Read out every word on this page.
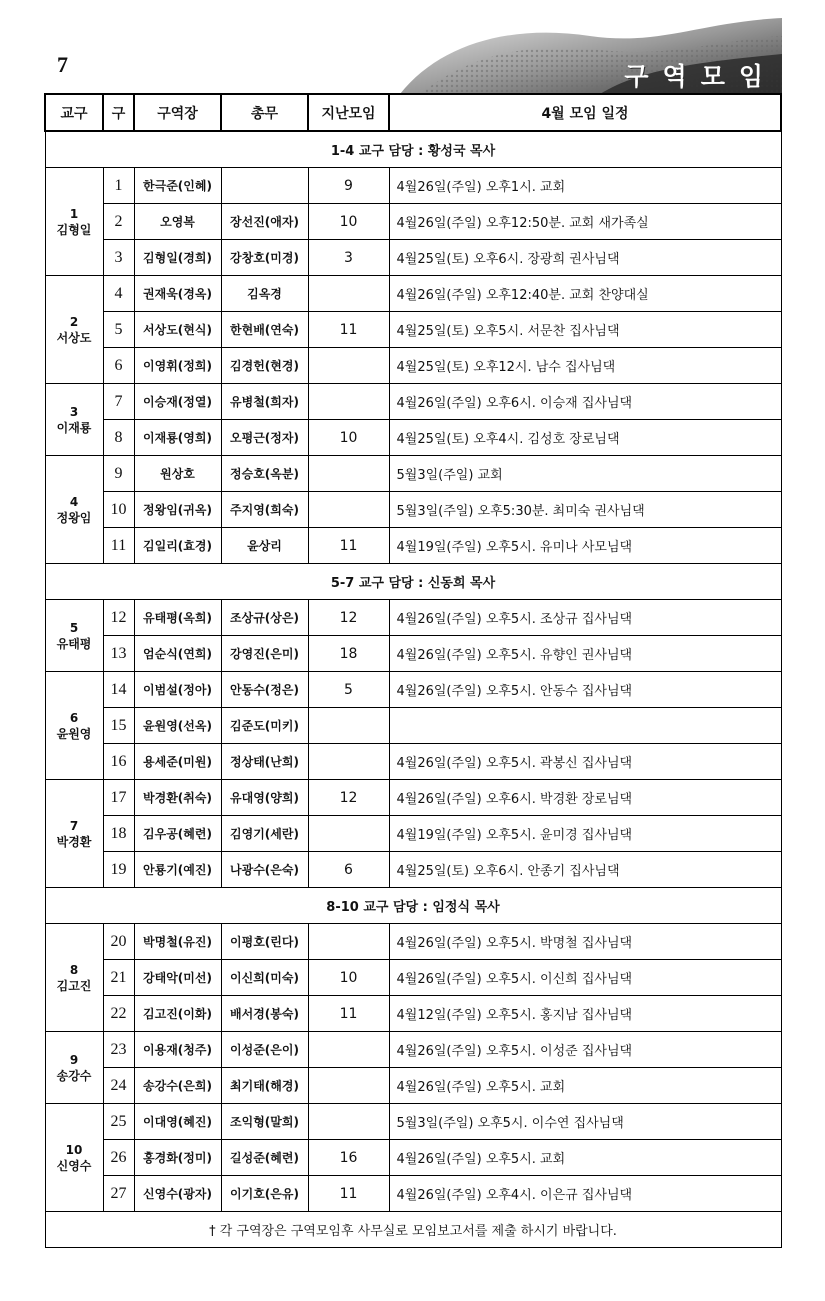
7	구역모임
교구	구	구역장	총무	지난모임	4월 모임 일정
1-4 교구 담당 : 황성국 목사					

1
김형일	1	한극준(인혜)		9	4월26일(주일) 오후1시. 교회
	2	오영복	장선진(애자)	10	4월26일(주일) 오후12:50분. 교회 새가족실
	3	김형일(경희)	강창호(미경)	3	4월25일(토) 오후6시. 장광희 권사님댁

2
서상도	4	권재욱(경옥)	김옥경		4월26일(주일) 오후12:40분. 교회 찬양대실
	5	서상도(현식)	한현배(연숙)	11	4월25일(토) 오후5시. 서문찬 집사님댁
	6	이영휘(정희)	김경헌(현경)		4월25일(토) 오후12시. 남수 집사님댁

3
이재룡	7	이승재(정열)	유병철(희자)		4월26일(주일) 오후6시. 이승재 집사님댁
	8	이재룡(영희)	오평근(정자)	10	4월25일(토) 오후4시. 김성호 장로님댁

4
정왕임	9	원상호	정승호(옥분)		5월3일(주일) 교회
	10	정왕임(귀옥)	주지영(희숙)		5월3일(주일) 오후5:30분. 최미숙 권사님댁
	11	김일리(효경)	윤상리	11	4월19일(주일) 오후5시. 유미나 사모님댁
5-7 교구 담당 : 신동희 목사					

5
유태평	12	유태평(옥희)	조상규(상은)	12	4월26일(주일) 오후5시. 조상규 집사님댁
	13	엄순식(연희)	강영진(은미)	18	4월26일(주일) 오후5시. 유향인 권사님댁

6
윤원영	14	이범설(정아)	안동수(정은)	5	4월26일(주일) 오후5시. 안동수 집사님댁
	15	윤원영(선옥)	김준도(미키)		
	16	용세준(미원)	정상태(난희)		4월26일(주일) 오후5시. 곽봉신 집사님댁

7
박경환	17	박경환(취숙)	유대영(양희)	12	4월26일(주일) 오후6시. 박경환 장로님댁
	18	김우공(혜련)	김영기(세란)		4월19일(주일) 오후5시. 윤미경 집사님댁
	19	안룡기(예진)	나광수(은숙)	6	4월25일(토) 오후6시. 안종기 집사님댁
8-10 교구 담당 : 임정식 목사					

8
김고진	20	박명철(유진)	이평호(린다)		4월26일(주일) 오후5시. 박명철 집사님댁
	21	강태악(미선)	이신희(미숙)	10	4월26일(주일) 오후5시. 이신희 집사님댁
	22	김고진(이화)	배서경(봉숙)	11	4월12일(주일) 오후5시. 홍지남 집사님댁

9
송강수	23	이용재(청주)	이성준(은이)		4월26일(주일) 오후5시. 이성준 집사님댁
	24	송강수(은희)	최기태(해경)		4월26일(주일) 오후5시. 교회

10
신영수	25	이대영(혜진)	조익형(말희)		5월3일(주일) 오후5시. 이수연 집사님댁
	26	홍경화(정미)	길성준(혜련)	16	4월26일(주일) 오후5시. 교회
	27	신영수(광자)	이기호(은유)	11	4월26일(주일) 오후4시. 이은규 집사님댁
† 각 구역장은 구역모임후 사무실로 모임보고서를 제출 하시기 바랍니다.					
